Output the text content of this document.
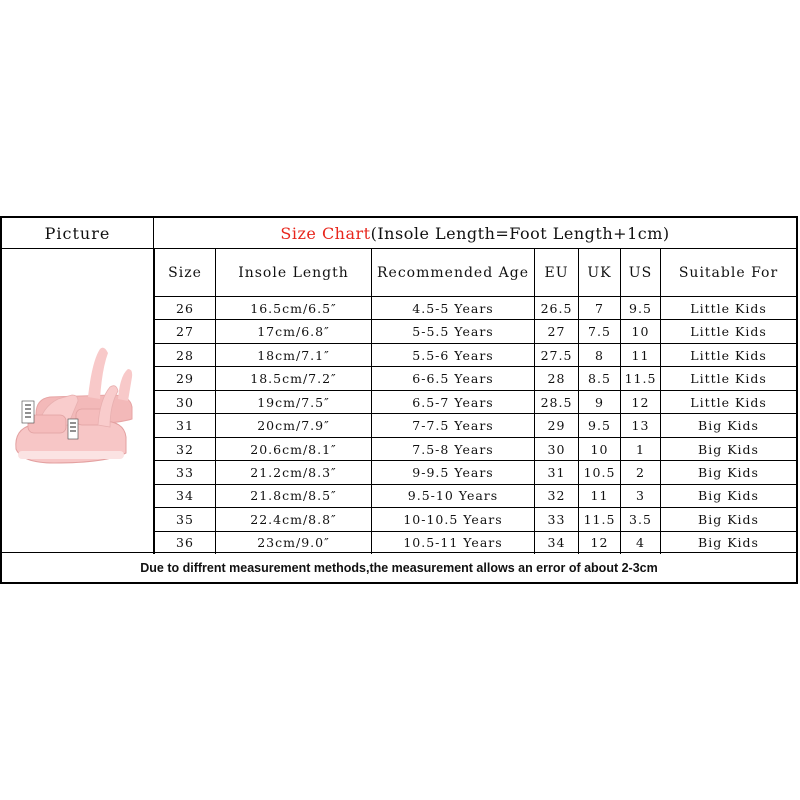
Picture	Size Chart (Insole Length=Foot Length+1cm)
Size	Insole Length	Recommended Age	EU	UK	US	Suitable For
26	16.5cm/6.5″	4.5-5 Years	26.5	7	9.5	Little Kids
27	17cm/6.8″	5-5.5 Years	27	7.5	10	Little Kids
28	18cm/7.1″	5.5-6 Years	27.5	8	11	Little Kids
29	18.5cm/7.2″	6-6.5 Years	28	8.5	11.5	Little Kids
30	19cm/7.5″	6.5-7 Years	28.5	9	12	Little Kids
31	20cm/7.9″	7-7.5 Years	29	9.5	13	Big Kids
32	20.6cm/8.1″	7.5-8 Years	30	10	1	Big Kids
33	21.2cm/8.3″	9-9.5 Years	31	10.5	2	Big Kids
34	21.8cm/8.5″	9.5-10 Years	32	11	3	Big Kids
35	22.4cm/8.8″	10-10.5 Years	33	11.5	3.5	Big Kids
36	23cm/9.0″	10.5-11 Years	34	12	4	Big Kids
Due to diffrent measurement methods,the measurement allows an error of about 2-3cm
